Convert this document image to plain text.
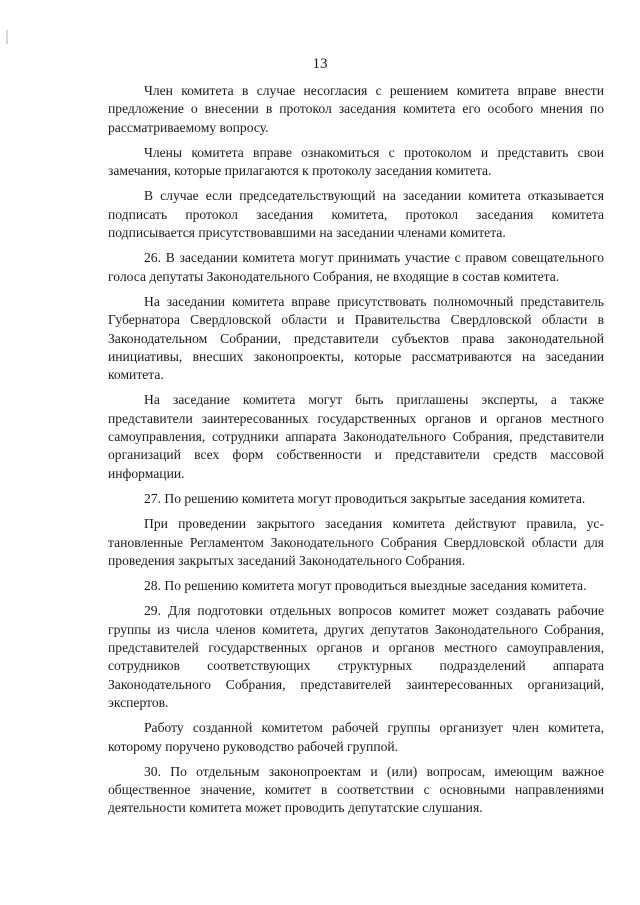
13

Член комитета в случае несогласия с решением комитета вправе внести предложение о внесении в протокол заседания комитета его особого мнения по рассматриваемому вопросу.

Члены комитета вправе ознакомиться с протоколом и представить свои замечания, которые прилагаются к протоколу заседания комитета.

В случае если председательствующий на заседании комитета отказывается подписать протокол заседания комитета, протокол заседания комитета подписывается присутствовавшими на заседании членами комитета.

26. В заседании комитета могут принимать участие с правом совещательного голоса депутаты Законодательного Собрания, не входящие в состав комитета.

На заседании комитета вправе присутствовать полномочный представитель Губернатора Свердловской области и Правительства Свердловской области в Законодательном Собрании, представители субъектов права законодательной инициативы, внесших законопроекты, которые рассматриваются на заседании комитета.

На заседание комитета могут быть приглашены эксперты, а также представители заинтересованных государственных органов и органов местного самоуправления, сотрудники аппарата Законодательного Собрания, представители организаций всех форм собственности и представители средств массовой информации.

27. По решению комитета могут проводиться закрытые заседания комитета.

При проведении закрытого заседания комитета действуют правила, установленные Регламентом Законодательного Собрания Свердловской области для проведения закрытых заседаний Законодательного Собрания.

28. По решению комитета могут проводиться выездные заседания комитета.

29. Для подготовки отдельных вопросов комитет может создавать рабочие группы из числа членов комитета, других депутатов Законодательного Собрания, представителей государственных органов и органов местного самоуправления, сотрудников соответствующих структурных подразделений аппарата Законодательного Собрания, представителей заинтересованных организаций, экспертов.

Работу созданной комитетом рабочей группы организует член комитета, которому поручено руководство рабочей группой.

30. По отдельным законопроектам и (или) вопросам, имеющим важное общественное значение, комитет в соответствии с основными направлениями деятельности комитета может проводить депутатские слушания.
